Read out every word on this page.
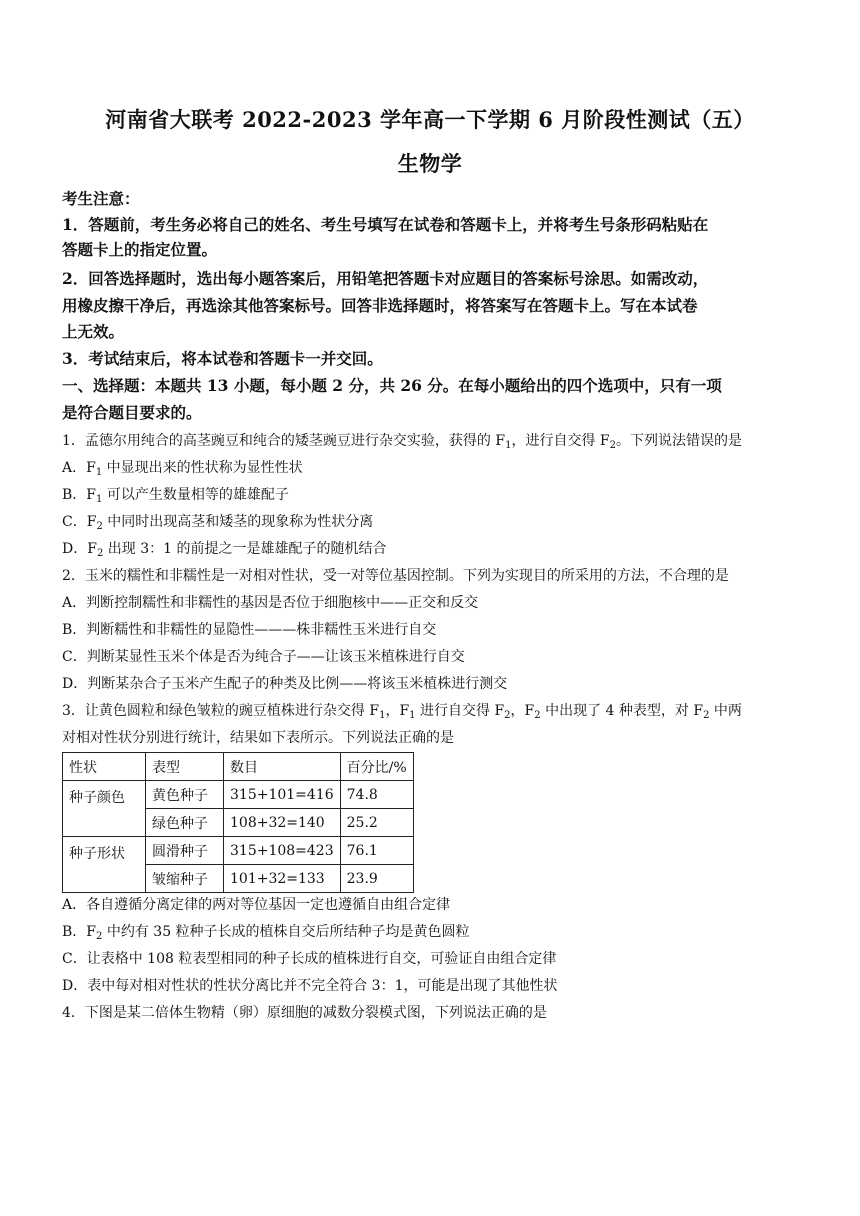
河南省大联考 2022-2023 学年高一下学期 6 月阶段性测试（五）
生物学
考生注意：
1．答题前，考生务必将自己的姓名、考生号填写在试卷和答题卡上，并将考生号条形码粘贴在
答题卡上的指定位置。
2．回答选择题时，选出每小题答案后，用铅笔把答题卡对应题目的答案标号涂思。如需改动，
用橡皮擦干净后，再选涂其他答案标号。回答非选择题时，将答案写在答题卡上。写在本试卷
上无效。
3．考试结束后，将本试卷和答题卡一并交回。
一、选择题：本题共 13 小题，每小题 2 分，共 26 分。在每小题给出的四个选项中，只有一项
是符合题目要求的。
1．孟德尔用纯合的高茎豌豆和纯合的矮茎豌豆进行杂交实验，获得的 $F_1$，进行自交得 $F_2$。下列说法错误的是
A．$F_1$ 中显现出来的性状称为显性性状
B．$F_1$ 可以产生数量相等的雄雄配子
C．$F_2$ 中同时出现高茎和矮茎的现象称为性状分离
D．$F_2$ 出现 3：1 的前提之一是雄雄配子的随机结合
2．玉米的糯性和非糯性是一对相对性状，受一对等位基因控制。下列为实现目的所采用的方法，不合理的是
A．判断控制糯性和非糯性的基因是否位于细胞核中——正交和反交
B．判断糯性和非糯性的显隐性———株非糯性玉米进行自交
C．判断某显性玉米个体是否为纯合子——让该玉米植株进行自交
D．判断某杂合子玉米产生配子的种类及比例——将该玉米植株进行测交
3．让黄色圆粒和绿色皱粒的豌豆植株进行杂交得 $F_1$，$F_1$ 进行自交得 $F_2$，$F_2$ 中出现了 4 种表型，对 $F_2$ 中两
对相对性状分别进行统计，结果如下表所示。下列说法正确的是
性状	表型	数目	百分比/%
种子颜色	黄色种子	315+101=416	74.8
	绿色种子	108+32=140	25.2
种子形状	圆滑种子	315+108=423	76.1
	皱缩种子	101+32=133	23.9
A．各自遵循分离定律的两对等位基因一定也遵循自由组合定律
B．$F_2$ 中约有 35 粒种子长成的植株自交后所结种子均是黄色圆粒
C．让表格中 108 粒表型相同的种子长成的植株进行自交，可验证自由组合定律
D．表中每对相对性状的性状分离比并不完全符合 3：1，可能是出现了其他性状
4．下图是某二倍体生物精（卵）原细胞的减数分裂模式图，下列说法正确的是
